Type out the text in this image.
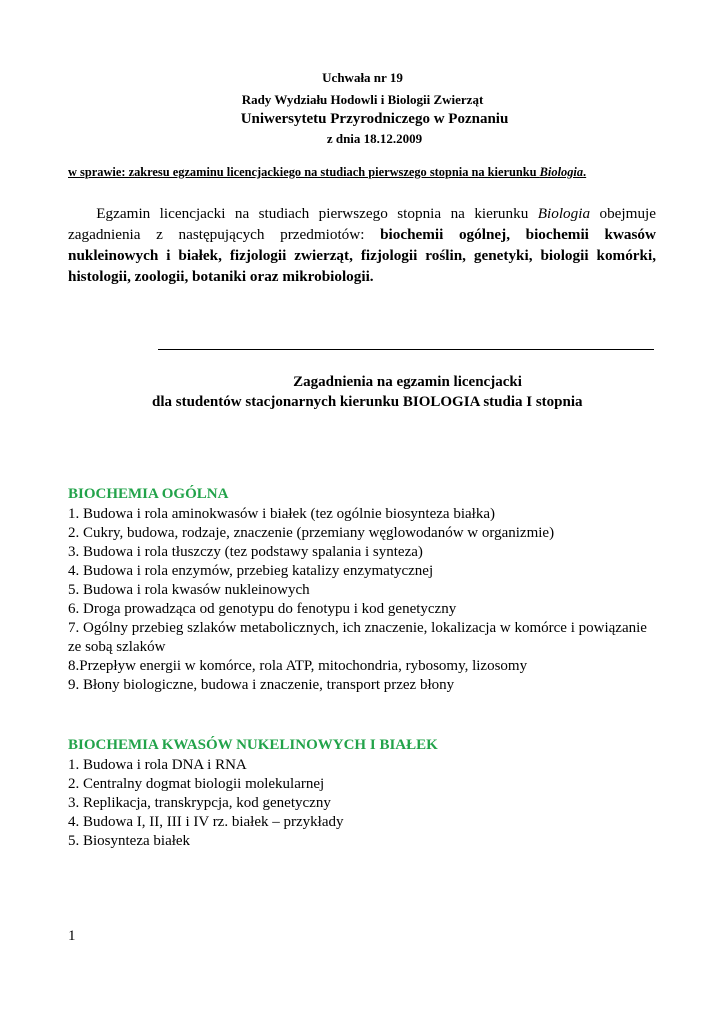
Uchwała nr 19
Rady Wydziału Hodowli i Biologii Zwierząt
Uniwersytetu Przyrodniczego w Poznaniu
z dnia 18.12.2009
w sprawie: zakresu egzaminu licencjackiego na studiach pierwszego stopnia na kierunku Biologia.
Egzamin licencjacki na studiach pierwszego stopnia na kierunku Biologia obejmuje zagadnienia z następujących przedmiotów: biochemii ogólnej, biochemii kwasów nukleinowych i białek, fizjologii zwierząt, fizjologii roślin, genetyki, biologii komórki, histologii, zoologii, botaniki oraz mikrobiologii.
Zagadnienia na egzamin licencjacki
dla studentów stacjonarnych kierunku BIOLOGIA studia I stopnia
BIOCHEMIA OGÓLNA
1. Budowa i rola aminokwasów i białek (tez ogólnie biosynteza białka)
2. Cukry, budowa, rodzaje, znaczenie (przemiany węglowodanów w organizmie)
3. Budowa i rola tłuszczy (tez podstawy spalania i synteza)
4. Budowa i rola enzymów, przebieg katalizy enzymatycznej
5. Budowa i rola kwasów nukleinowych
6. Droga prowadząca od genotypu do fenotypu i kod genetyczny
7. Ogólny przebieg szlaków metabolicznych, ich znaczenie, lokalizacja w komórce i powiązanie ze sobą szlaków
8.Przepływ energii w komórce, rola ATP, mitochondria, rybosomy, lizosomy
9. Błony biologiczne, budowa i znaczenie, transport przez błony
BIOCHEMIA KWASÓW NUKELINOWYCH I BIAŁEK
1. Budowa i rola DNA i RNA
2. Centralny dogmat biologii molekularnej
3. Replikacja, transkrypcja, kod genetyczny
4. Budowa I, II, III i IV rz. białek – przykłady
5. Biosynteza białek
1
